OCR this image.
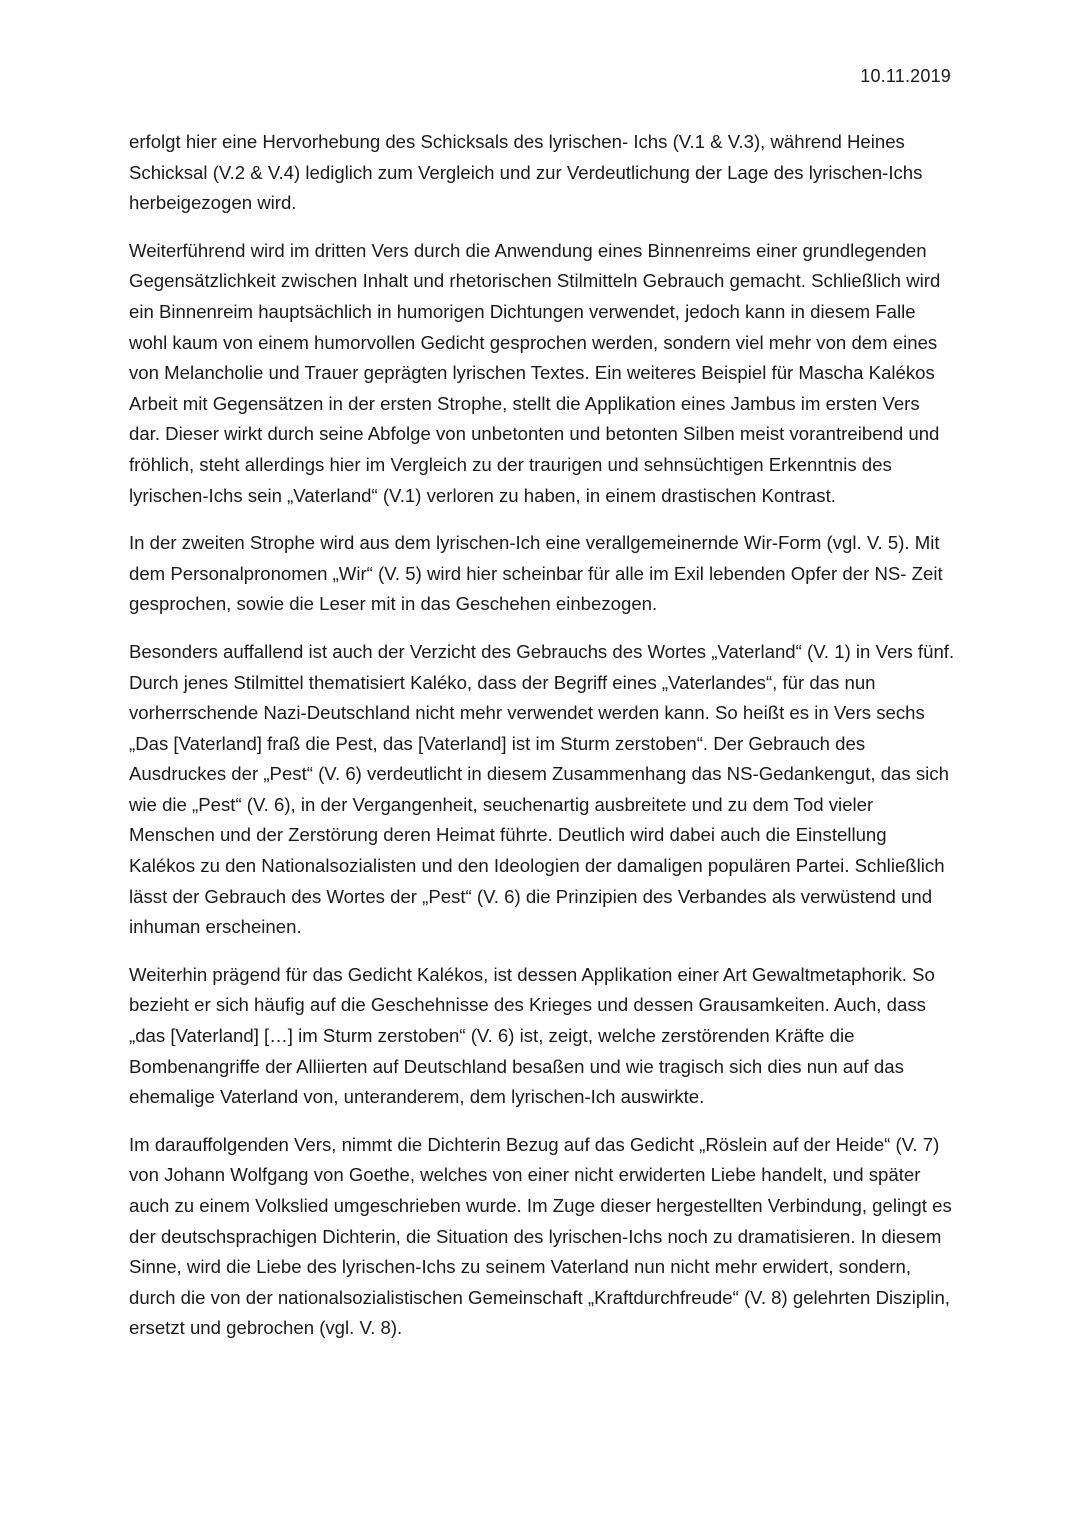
10.11.2019

erfolgt hier eine Hervorhebung des Schicksals des lyrischen- Ichs (V.1 & V.3), während Heines Schicksal (V.2 & V.4) lediglich zum Vergleich und zur Verdeutlichung der Lage des lyrischen-Ichs herbeigezogen wird.

Weiterführend wird im dritten Vers durch die Anwendung eines Binnenreims einer grundlegenden Gegensätzlichkeit zwischen Inhalt und rhetorischen Stilmitteln Gebrauch gemacht. Schließlich wird ein Binnenreim hauptsächlich in humorigen Dichtungen verwendet, jedoch kann in diesem Falle wohl kaum von einem humorvollen Gedicht gesprochen werden, sondern viel mehr von dem eines von Melancholie und Trauer geprägten lyrischen Textes. Ein weiteres Beispiel für Mascha Kalékos Arbeit mit Gegensätzen in der ersten Strophe, stellt die Applikation eines Jambus im ersten Vers dar. Dieser wirkt durch seine Abfolge von unbetonten und betonten Silben meist vorantreibend und fröhlich, steht allerdings hier im Vergleich zu der traurigen und sehnsüchtigen Erkenntnis des lyrischen-Ichs sein „Vaterland“ (V.1) verloren zu haben, in einem drastischen Kontrast.

In der zweiten Strophe wird aus dem lyrischen-Ich eine verallgemeinernde Wir-Form (vgl. V. 5). Mit dem Personalpronomen „Wir“ (V. 5) wird hier scheinbar für alle im Exil lebenden Opfer der NS- Zeit gesprochen, sowie die Leser mit in das Geschehen einbezogen.

Besonders auffallend ist auch der Verzicht des Gebrauchs des Wortes „Vaterland“ (V. 1) in Vers fünf. Durch jenes Stilmittel thematisiert Kaléko, dass der Begriff eines „Vaterlandes“, für das nun vorherrschende Nazi-Deutschland nicht mehr verwendet werden kann. So heißt es in Vers sechs „Das [Vaterland] fraß die Pest, das [Vaterland] ist im Sturm zerstoben“. Der Gebrauch des Ausdruckes der „Pest“ (V. 6) verdeutlicht in diesem Zusammenhang das NS-Gedankengut, das sich wie die „Pest“ (V. 6), in der Vergangenheit, seuchenartig ausbreitete und zu dem Tod vieler Menschen und der Zerstörung deren Heimat führte. Deutlich wird dabei auch die Einstellung Kalékos zu den Nationalsozialisten und den Ideologien der damaligen populären Partei. Schließlich lässt der Gebrauch des Wortes der „Pest“ (V. 6) die Prinzipien des Verbandes als verwüstend und inhuman erscheinen.

Weiterhin prägend für das Gedicht Kalékos, ist dessen Applikation einer Art Gewaltmetaphorik. So bezieht er sich häufig auf die Geschehnisse des Krieges und dessen Grausamkeiten. Auch, dass „das [Vaterland] […] im Sturm zerstoben“ (V. 6) ist, zeigt, welche zerstörenden Kräfte die Bombenangriffe der Alliierten auf Deutschland besaßen und wie tragisch sich dies nun auf das ehemalige Vaterland von, unteranderem, dem lyrischen-Ich auswirkte.

Im darauffolgenden Vers, nimmt die Dichterin Bezug auf das Gedicht „Röslein auf der Heide“ (V. 7) von Johann Wolfgang von Goethe, welches von einer nicht erwiderten Liebe handelt, und später auch zu einem Volkslied umgeschrieben wurde. Im Zuge dieser hergestellten Verbindung, gelingt es der deutschsprachigen Dichterin, die Situation des lyrischen-Ichs noch zu dramatisieren. In diesem Sinne, wird die Liebe des lyrischen-Ichs zu seinem Vaterland nun nicht mehr erwidert, sondern, durch die von der nationalsozialistischen Gemeinschaft „Kraftdurchfreude“ (V. 8) gelehrten Disziplin, ersetzt und gebrochen (vgl. V. 8).
